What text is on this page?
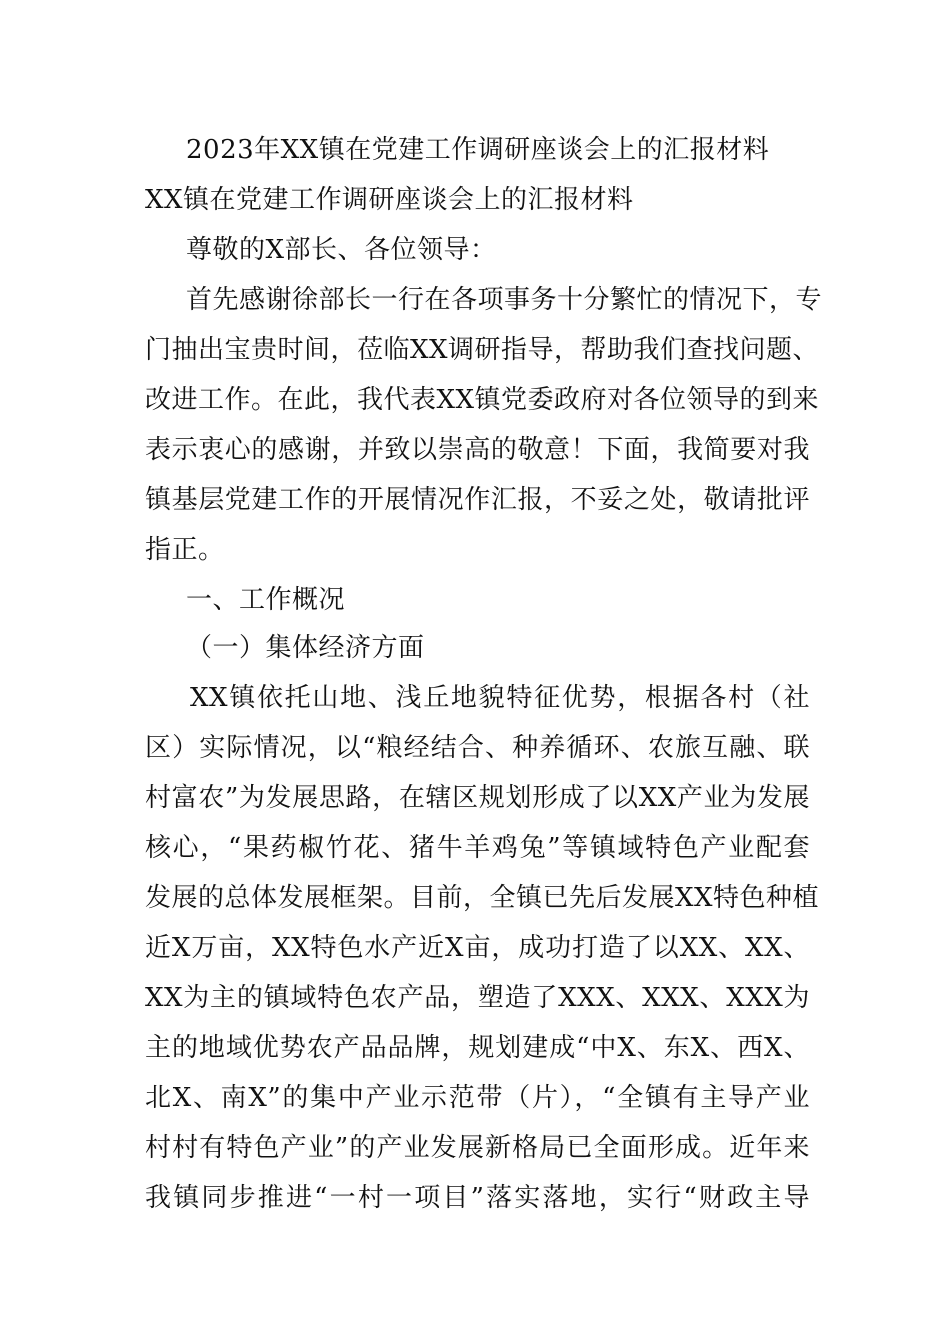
2023年XX镇在党建工作调研座谈会上的汇报材料
XX镇在党建工作调研座谈会上的汇报材料
尊敬的X部长、各位领导：
首先感谢徐部长一行在各项事务十分繁忙的情况下，专
门抽出宝贵时间，莅临XX调研指导，帮助我们查找问题、
改进工作。在此，我代表XX镇党委政府对各位领导的到来
表示衷心的感谢，并致以崇高的敬意！下面，我简要对我
镇基层党建工作的开展情况作汇报，不妥之处，敬请批评
指正。
一、工作概况
（一）集体经济方面
XX镇依托山地、浅丘地貌特征优势，根据各村（社
区）实际情况，以“粮经结合、种养循环、农旅互融、联
村富农”为发展思路，在辖区规划形成了以XX产业为发展
核心，“果药椒竹花、猪牛羊鸡兔”等镇域特色产业配套
发展的总体发展框架。目前，全镇已先后发展XX特色种植
近X万亩，XX特色水产近X亩，成功打造了以XX、XX、
XX为主的镇域特色农产品，塑造了XXX、XXX、XXX为
主的地域优势农产品品牌，规划建成“中X、东X、西X、
北X、南X”的集中产业示范带（片），“全镇有主导产业
村村有特色产业”的产业发展新格局已全面形成。近年来
我镇同步推进“一村一项目”落实落地，实行“财政主导
